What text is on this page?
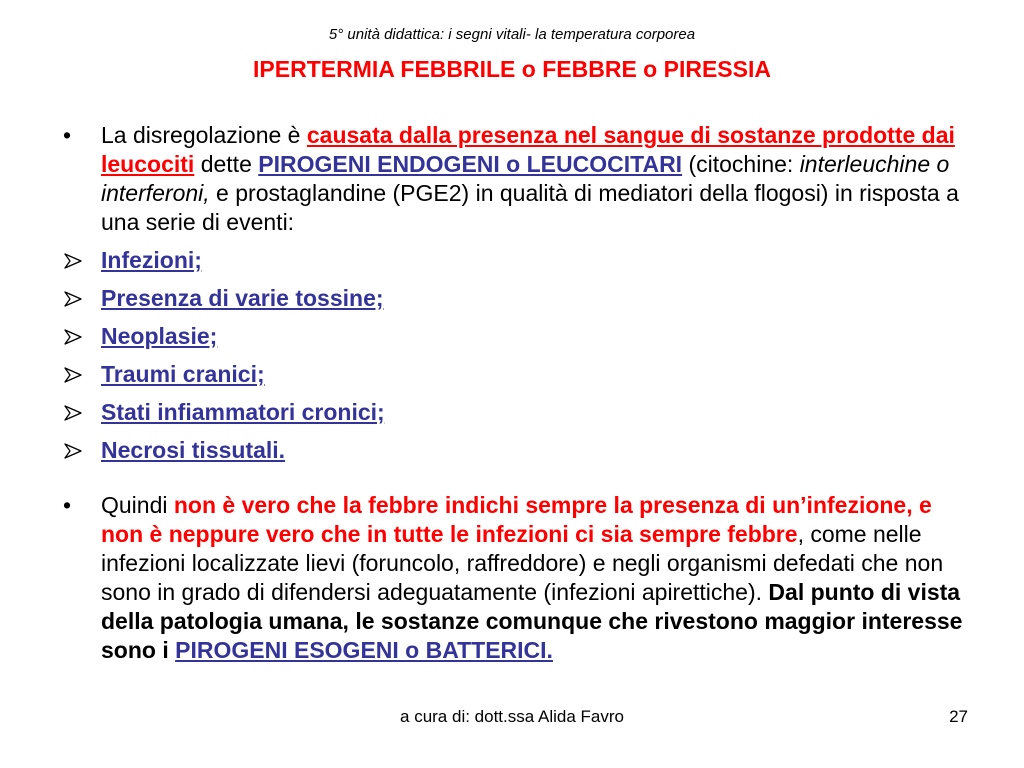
5° unità didattica: i segni vitali- la temperatura corporea
IPERTERMIA FEBBRILE o FEBBRE o PIRESSIA
• La disregolazione è causata dalla presenza nel sangue di sostanze prodotte dai leucociti dette PIROGENI ENDOGENI o LEUCOCITARI (citochine: interleuchine o interferoni, e prostaglandine (PGE2) in qualità di mediatori della flogosi) in risposta a una serie di eventi:
Infezioni;
Presenza di varie tossine;
Neoplasie;
Traumi cranici;
Stati infiammatori cronici;
Necrosi tissutali.
• Quindi non è vero che la febbre indichi sempre la presenza di un’infezione, e non è neppure vero che in tutte le infezioni ci sia sempre febbre, come nelle infezioni localizzate lievi (foruncolo, raffreddore) e negli organismi defedati che non sono in grado di difendersi adeguatamente (infezioni apirettiche). Dal punto di vista della patologia umana, le sostanze comunque che rivestono maggior interesse sono i PIROGENI ESOGENI o BATTERICI.
a cura di: dott.ssa Alida Favro	27
